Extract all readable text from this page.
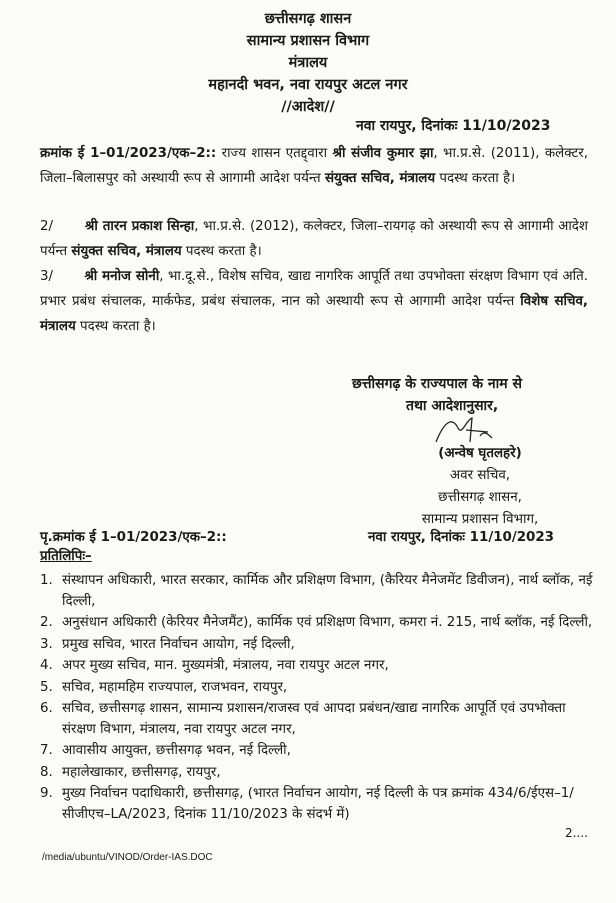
छत्तीसगढ़ शासन
सामान्य प्रशासन विभाग
मंत्रालय
महानदी भवन, नवा रायपुर अटल नगर
//आदेश//
नवा रायपुर, दिनांकः 11/10/2023
क्रमांक ई 1–01/2023/एक–2:: राज्य शासन एतद्द्वारा श्री संजीव कुमार झा, भा.प्र.से. (2011), कलेक्टर, जिला–बिलासपुर को अस्थायी रूप से आगामी आदेश पर्यन्त संयुक्त सचिव, मंत्रालय पदस्थ करता है।
2/ श्री तारन प्रकाश सिन्हा, भा.प्र.से. (2012), कलेक्टर, जिला–रायगढ़ को अस्थायी रूप से आगामी आदेश पर्यन्त संयुक्त सचिव, मंत्रालय पदस्थ करता है।
3/ श्री मनोज सोनी, भा.दू.से., विशेष सचिव, खाद्य नागरिक आपूर्ति तथा उपभोक्ता संरक्षण विभाग एवं अति. प्रभार प्रबंध संचालक, मार्कफेड, प्रबंध संचालक, नान को अस्थायी रूप से आगामी आदेश पर्यन्त विशेष सचिव, मंत्रालय पदस्थ करता है।
छत्तीसगढ़ के राज्यपाल के नाम से
तथा आदेशानुसार,
(अन्वेष घृतलहरे)
अवर सचिव,
छत्तीसगढ़ शासन,
सामान्य प्रशासन विभाग,
पृ.क्रमांक ई 1–01/2023/एक–2::	नवा रायपुर, दिनांकः 11/10/2023
प्रतिलिपिः–
1. संस्थापन अधिकारी, भारत सरकार, कार्मिक और प्रशिक्षण विभाग, (कैरियर मैनेजमेंट डिवीजन), नार्थ ब्लॉक, नई दिल्ली,
2. अनुसंधान अधिकारी (केरियर मैनेजमैंट), कार्मिक एवं प्रशिक्षण विभाग, कमरा नं. 215, नार्थ ब्लॉक, नई दिल्ली,
3. प्रमुख सचिव, भारत निर्वाचन आयोग, नई दिल्ली,
4. अपर मुख्य सचिव, मान. मुख्यमंत्री, मंत्रालय, नवा रायपुर अटल नगर,
5. सचिव, महामहिम राज्यपाल, राजभवन, रायपुर,
6. सचिव, छत्तीसगढ़ शासन, सामान्य प्रशासन/राजस्व एवं आपदा प्रबंधन/खाद्य नागरिक आपूर्ति एवं उपभोक्ता संरक्षण विभाग, मंत्रालय, नवा रायपुर अटल नगर,
7. आवासीय आयुक्त, छत्तीसगढ़ भवन, नई दिल्ली,
8. महालेखाकार, छत्तीसगढ़, रायपुर,
9. मुख्य निर्वाचन पदाधिकारी, छत्तीसगढ़, (भारत निर्वाचन आयोग, नई दिल्ली के पत्र क्रमांक 434/6/ईएस–1/सीजीएच–LA/2023, दिनांक 11/10/2023 के संदर्भ में)
2....
/media/ubuntu/VINOD/Order-IAS.DOC
